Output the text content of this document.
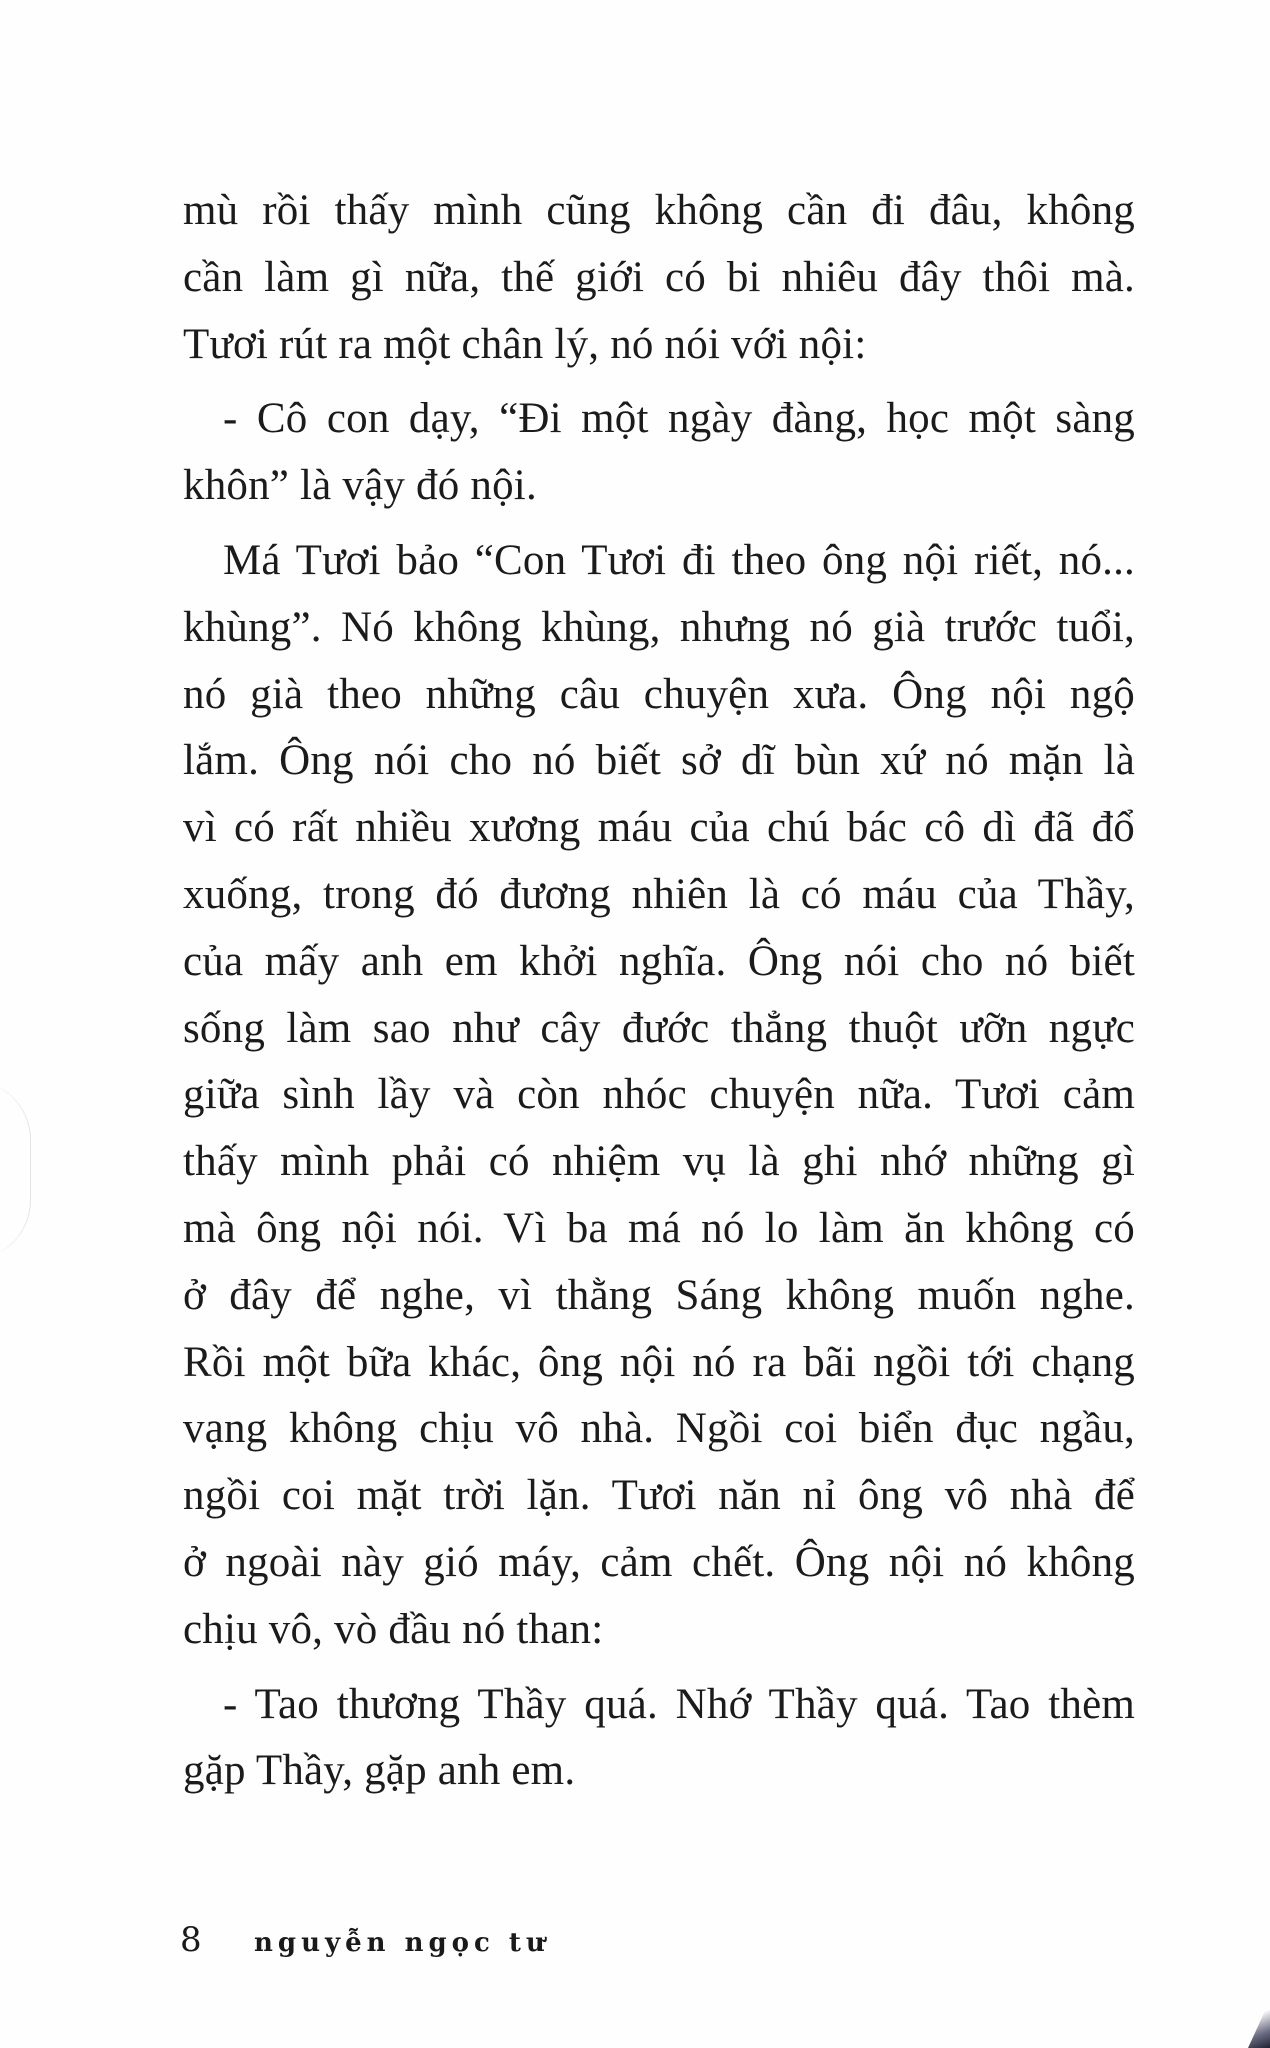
mù rồi thấy mình cũng không cần đi đâu, không
cần làm gì nữa, thế giới có bi nhiêu đây thôi mà.
Tươi rút ra một chân lý, nó nói với nội:

- Cô con dạy, “Đi một ngày đàng, học một sàng
khôn” là vậy đó nội.

Má Tươi bảo “Con Tươi đi theo ông nội riết, nó...
khùng”. Nó không khùng, nhưng nó già trước tuổi,
nó già theo những câu chuyện xưa. Ông nội ngộ
lắm. Ông nói cho nó biết sở dĩ bùn xứ nó mặn là
vì có rất nhiều xương máu của chú bác cô dì đã đổ
xuống, trong đó đương nhiên là có máu của Thầy,
của mấy anh em khởi nghĩa. Ông nói cho nó biết
sống làm sao như cây đước thẳng thuột ưỡn ngực
giữa sình lầy và còn nhóc chuyện nữa. Tươi cảm
thấy mình phải có nhiệm vụ là ghi nhớ những gì
mà ông nội nói. Vì ba má nó lo làm ăn không có
ở đây để nghe, vì thằng Sáng không muốn nghe.
Rồi một bữa khác, ông nội nó ra bãi ngồi tới chạng
vạng không chịu vô nhà. Ngồi coi biển đục ngầu,
ngồi coi mặt trời lặn. Tươi năn nỉ ông vô nhà để
ở ngoài này gió máy, cảm chết. Ông nội nó không
chịu vô, vò đầu nó than:

- Tao thương Thầy quá. Nhớ Thầy quá. Tao thèm
gặp Thầy, gặp anh em.

8	nguyễn ngọc tư
